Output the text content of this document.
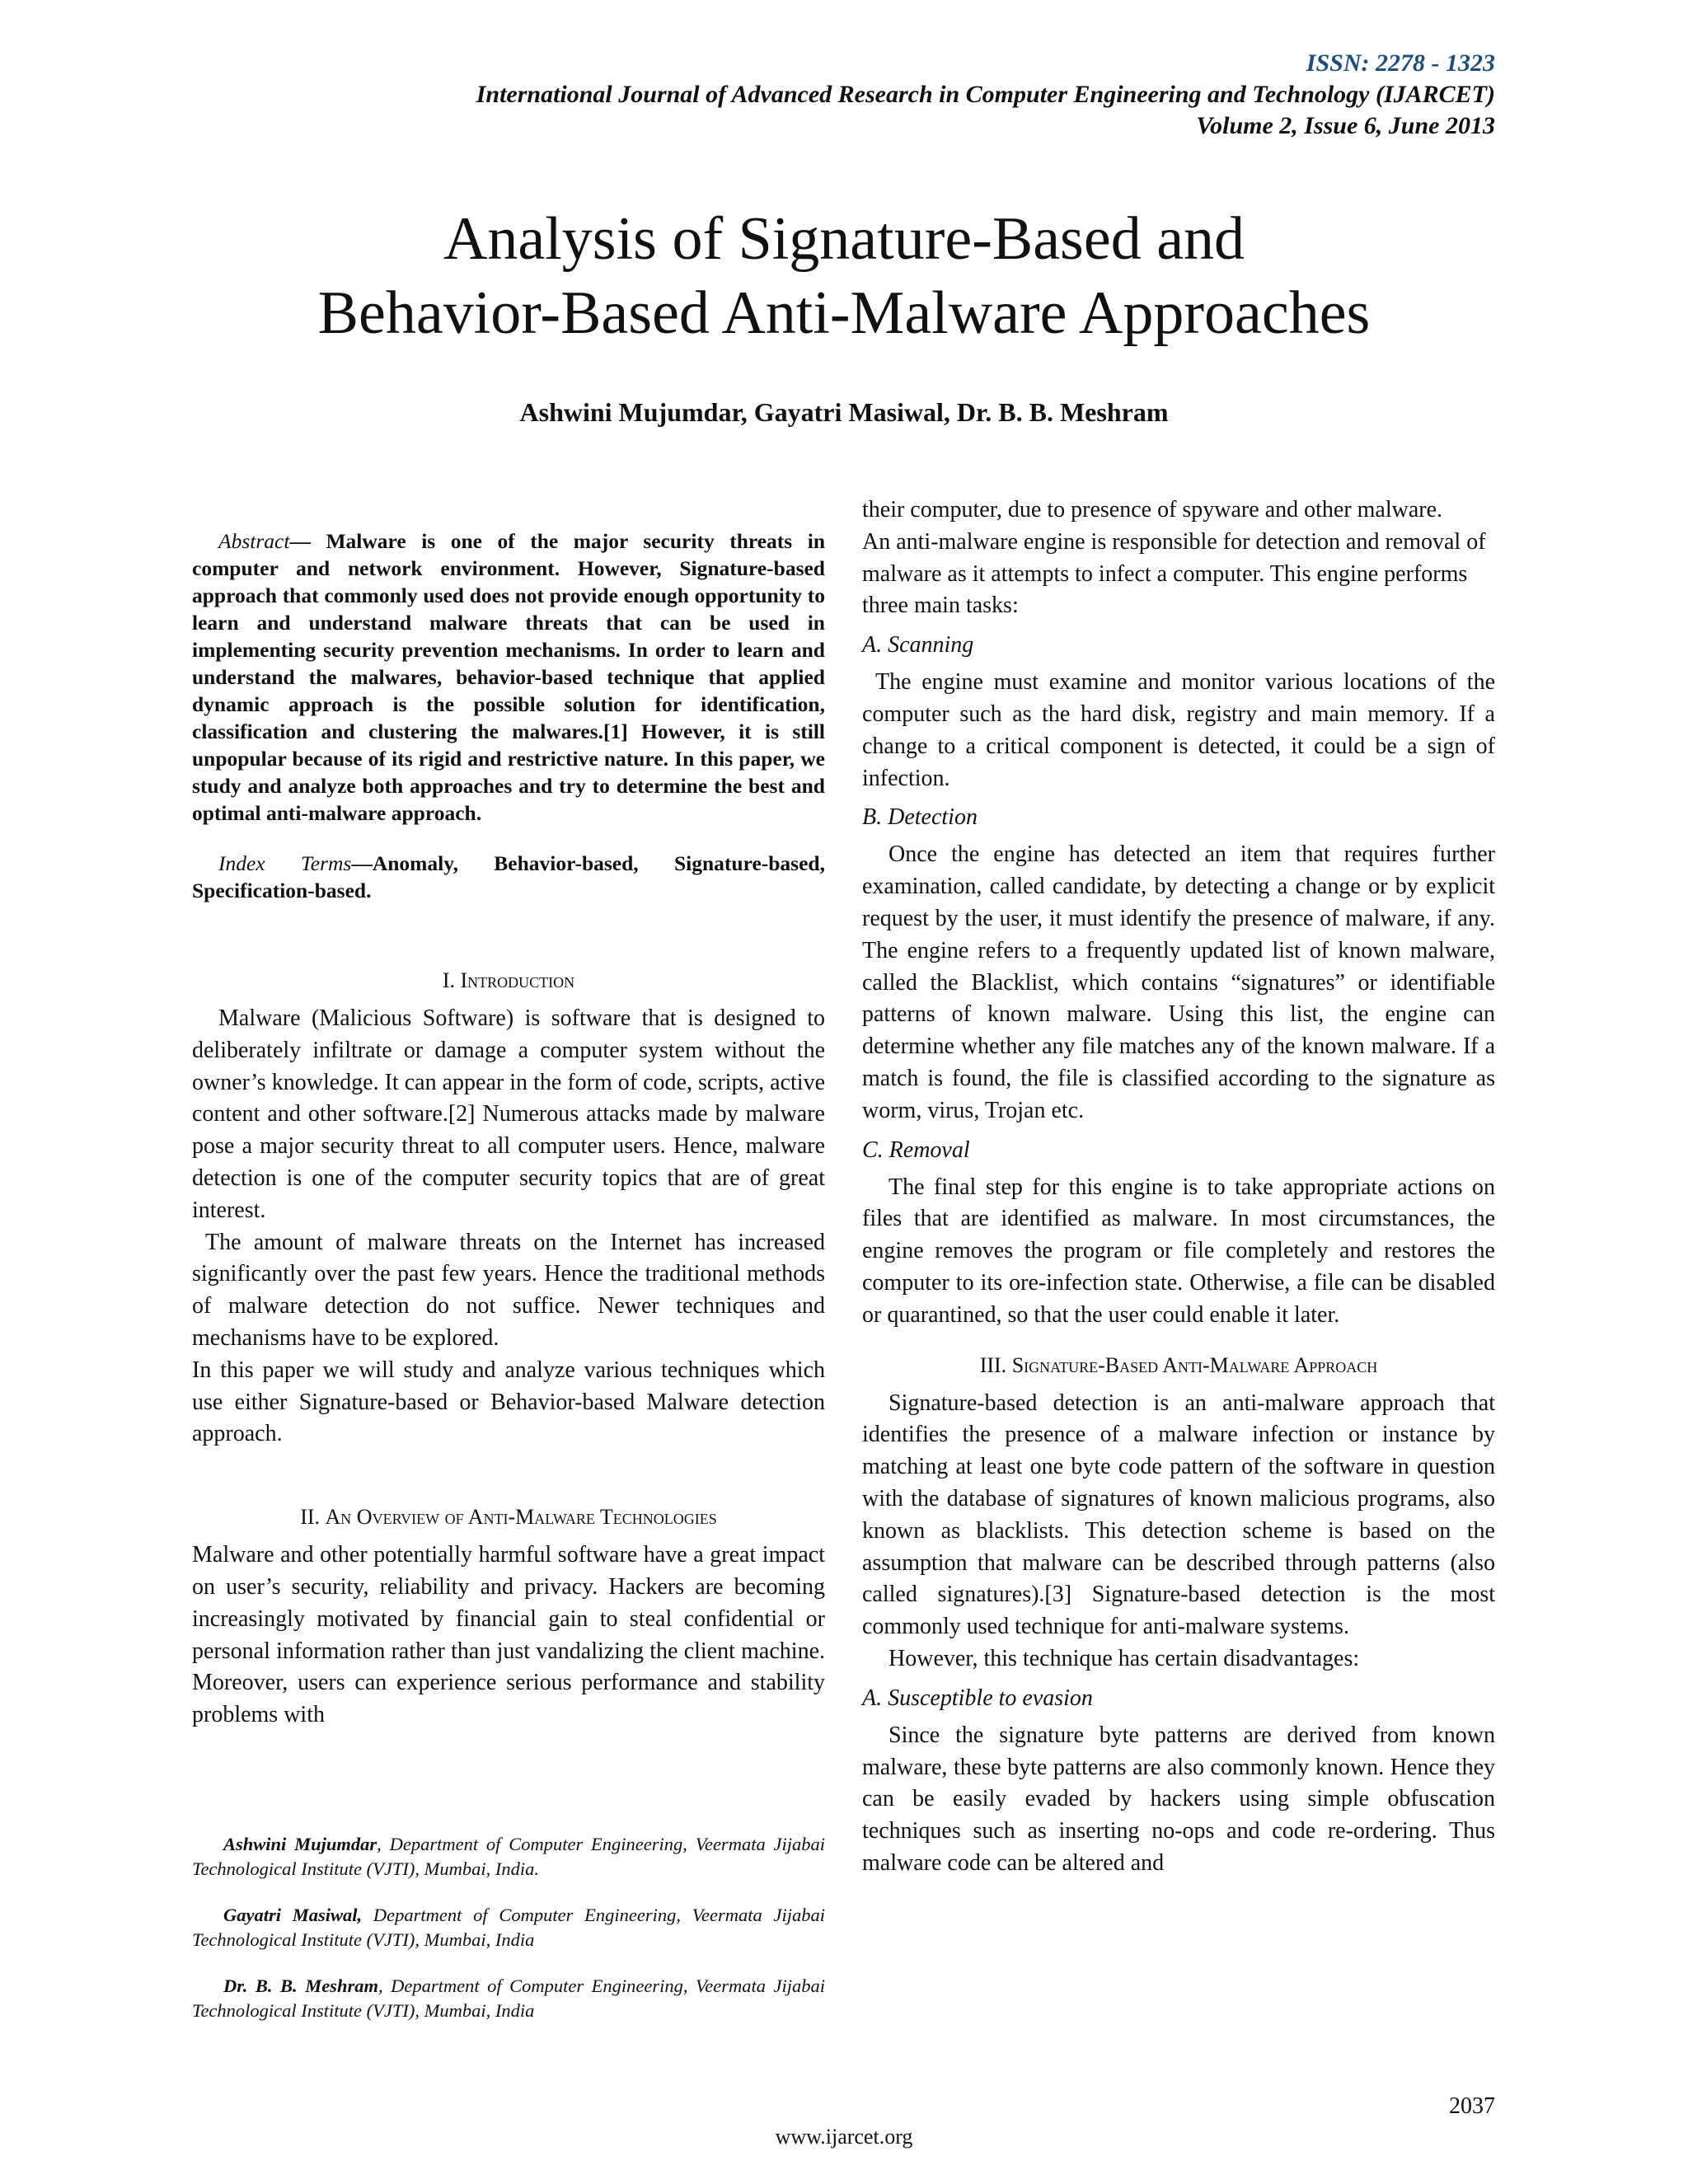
ISSN: 2278 - 1323
International Journal of Advanced Research in Computer Engineering and Technology (IJARCET)
Volume 2, Issue 6, June 2013
Analysis of Signature-Based and
Behavior-Based Anti-Malware Approaches
Ashwini Mujumdar, Gayatri Masiwal, Dr. B. B. Meshram

Abstract— Malware is one of the major security threats in computer and network environment. However, Signature-based approach that commonly used does not provide enough opportunity to learn and understand malware threats that can be used in implementing security prevention mechanisms. In order to learn and understand the malwares, behavior-based technique that applied dynamic approach is the possible solution for identification, classification and clustering the malwares.[1] However, it is still unpopular because of its rigid and restrictive nature. In this paper, we study and analyze both approaches and try to determine the best and optimal anti-malware approach.

Index Terms—Anomaly, Behavior-based, Signature-based, Specification-based.

I. Introduction

Malware (Malicious Software) is software that is designed to deliberately infiltrate or damage a computer system without the owner’s knowledge. It can appear in the form of code, scripts, active content and other software.[2] Numerous attacks made by malware pose a major security threat to all computer users. Hence, malware detection is one of the computer security topics that are of great interest.

The amount of malware threats on the Internet has increased significantly over the past few years. Hence the traditional methods of malware detection do not suffice. Newer techniques and mechanisms have to be explored.

In this paper we will study and analyze various techniques which use either Signature-based or Behavior-based Malware detection approach.

II. An Overview of Anti-Malware Technologies

Malware and other potentially harmful software have a great impact on user’s security, reliability and privacy. Hackers are becoming increasingly motivated by financial gain to steal confidential or personal information rather than just vandalizing the client machine. Moreover, users can experience serious performance and stability problems with

their computer, due to presence of spyware and other malware.

An anti-malware engine is responsible for detection and removal of malware as it attempts to infect a computer. This engine performs three main tasks:

A. Scanning

The engine must examine and monitor various locations of the computer such as the hard disk, registry and main memory. If a change to a critical component is detected, it could be a sign of infection.

B. Detection

Once the engine has detected an item that requires further examination, called candidate, by detecting a change or by explicit request by the user, it must identify the presence of malware, if any. The engine refers to a frequently updated list of known malware, called the Blacklist, which contains “signatures” or identifiable patterns of known malware. Using this list, the engine can determine whether any file matches any of the known malware. If a match is found, the file is classified according to the signature as worm, virus, Trojan etc.

C. Removal

The final step for this engine is to take appropriate actions on files that are identified as malware. In most circumstances, the engine removes the program or file completely and restores the computer to its ore-infection state. Otherwise, a file can be disabled or quarantined, so that the user could enable it later.

III. Signature-Based Anti-Malware Approach

Signature-based detection is an anti-malware approach that identifies the presence of a malware infection or instance by matching at least one byte code pattern of the software in question with the database of signatures of known malicious programs, also known as blacklists. This detection scheme is based on the assumption that malware can be described through patterns (also called signatures).[3] Signature-based detection is the most commonly used technique for anti-malware systems.

However, this technique has certain disadvantages:

A. Susceptible to evasion

Since the signature byte patterns are derived from known malware, these byte patterns are also commonly known. Hence they can be easily evaded by hackers using simple obfuscation techniques such as inserting no-ops and code re-ordering. Thus malware code can be altered and

Ashwini Mujumdar, Department of Computer Engineering, Veermata Jijabai Technological Institute (VJTI), Mumbai, India.

Gayatri Masiwal, Department of Computer Engineering, Veermata Jijabai Technological Institute (VJTI), Mumbai, India

Dr. B. B. Meshram, Department of Computer Engineering, Veermata Jijabai Technological Institute (VJTI), Mumbai, India

2037
www.ijarcet.org
